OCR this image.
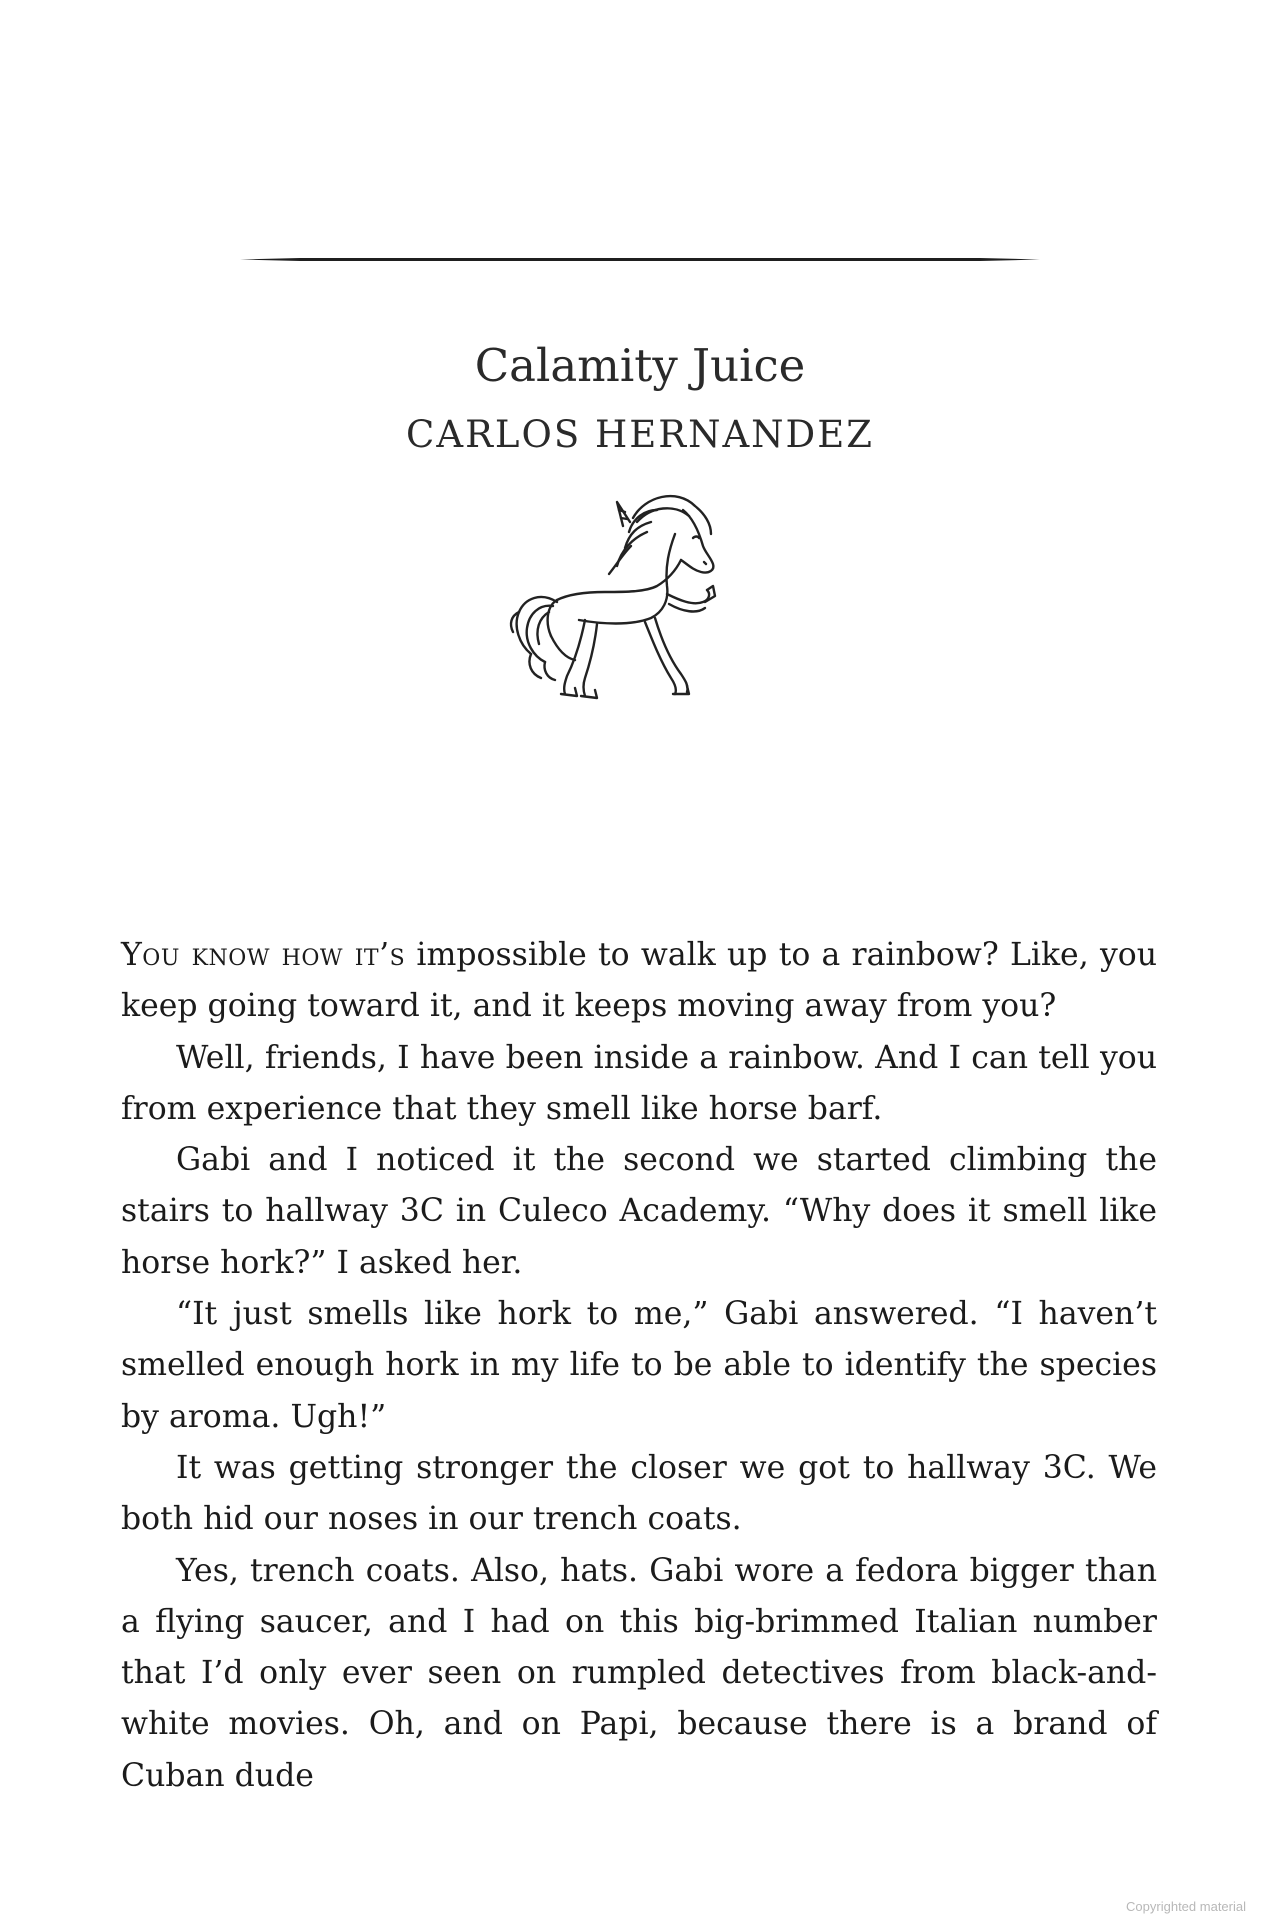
Calamity Juice
CARLOS HERNANDEZ

You know how it’s impossible to walk up to a rainbow? Like, you keep going toward it, and it keeps moving away from you?

Well, friends, I have been inside a rainbow. And I can tell you from experience that they smell like horse barf.

Gabi and I noticed it the second we started climbing the stairs to hallway 3C in Culeco Academy. “Why does it smell like horse hork?” I asked her.

“It just smells like hork to me,” Gabi answered. “I haven’t smelled enough hork in my life to be able to identify the species by aroma. Ugh!”

It was getting stronger the closer we got to hallway 3C. We both hid our noses in our trench coats.

Yes, trench coats. Also, hats. Gabi wore a fedora bigger than a flying saucer, and I had on this big-brimmed Italian number that I’d only ever seen on rumpled detectives from black-and-white movies. Oh, and on Papi, because there is a brand of Cuban dude

Copyrighted material
